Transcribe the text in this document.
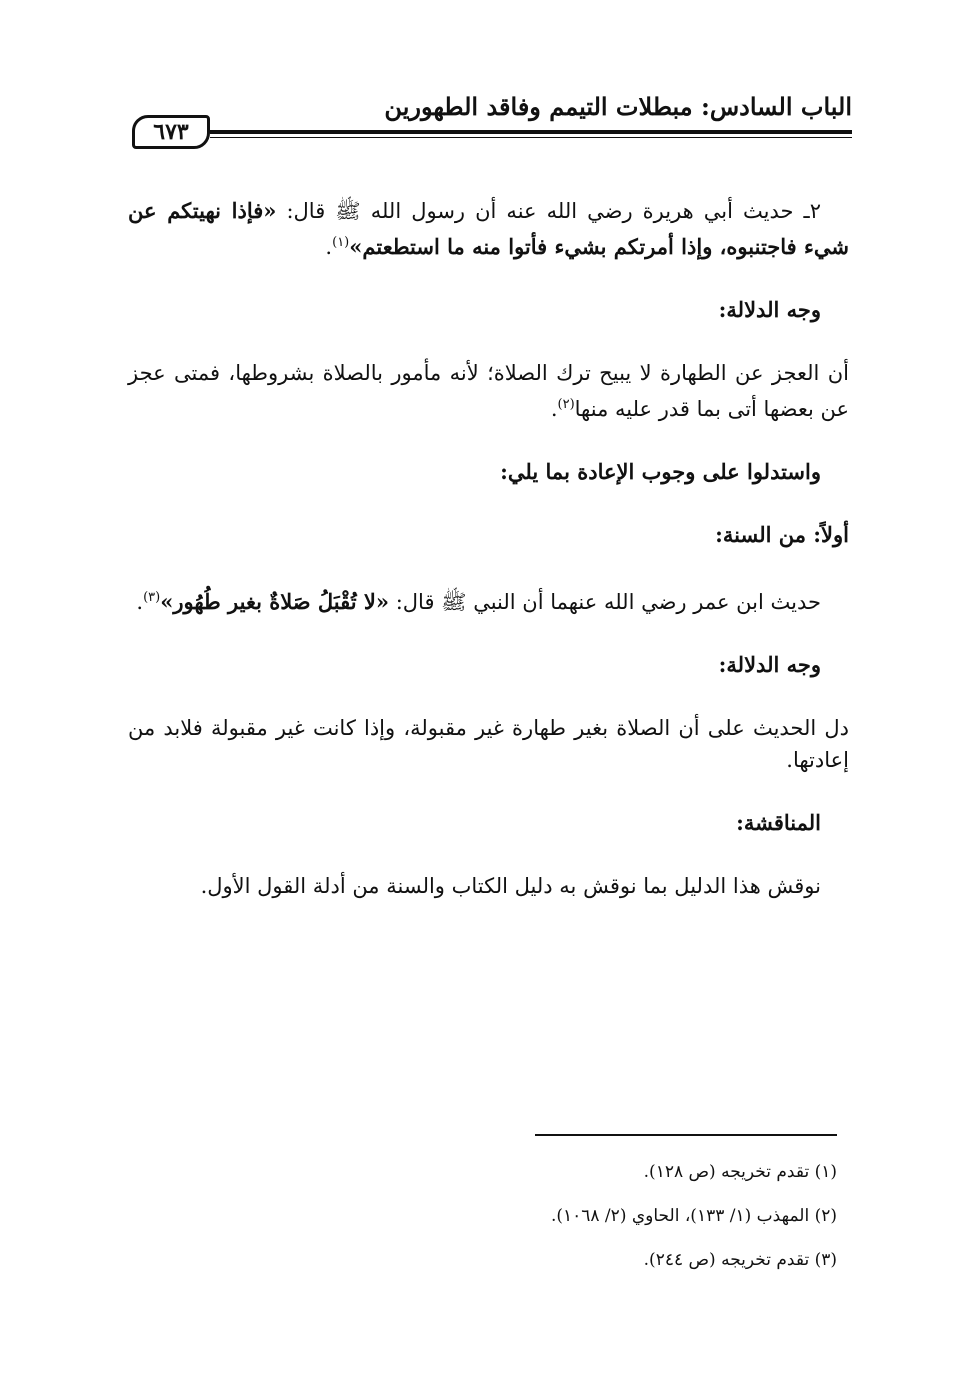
الباب السادس: مبطلات التيمم وفاقد الطهورين
٦٧٣

٢ـ حديث أبي هريرة رضي الله عنه أن رسول الله ﷺ قال: «فإذا نهيتكم عن شيء فاجتنبوه، وإذا أمرتكم بشيء فأتوا منه ما استطعتم»$^{(١)}$.

وجه الدلالة:

أن العجز عن الطهارة لا يبيح ترك الصلاة؛ لأنه مأمور بالصلاة بشروطها، فمتى عجز عن بعضها أتى بما قدر عليه منها$^{(٢)}$.

واستدلوا على وجوب الإعادة بما يلي:

أولاً: من السنة:

حديث ابن عمر رضي الله عنهما أن النبي ﷺ قال: «لا تُقْبَلُ صَلاةٌ بغير طُهُور»$^{(٣)}$.

وجه الدلالة:

دل الحديث على أن الصلاة بغير طهارة غير مقبولة، وإذا كانت غير مقبولة فلابد من إعادتها.

المناقشة:

نوقش هذا الدليل بما نوقش به دليل الكتاب والسنة من أدلة القول الأول.

(١) تقدم تخريجه (ص ١٢٨).
(٢) المهذب (١/ ١٣٣)، الحاوي (٢/ ١٠٦٨).
(٣) تقدم تخريجه (ص ٢٤٤).
